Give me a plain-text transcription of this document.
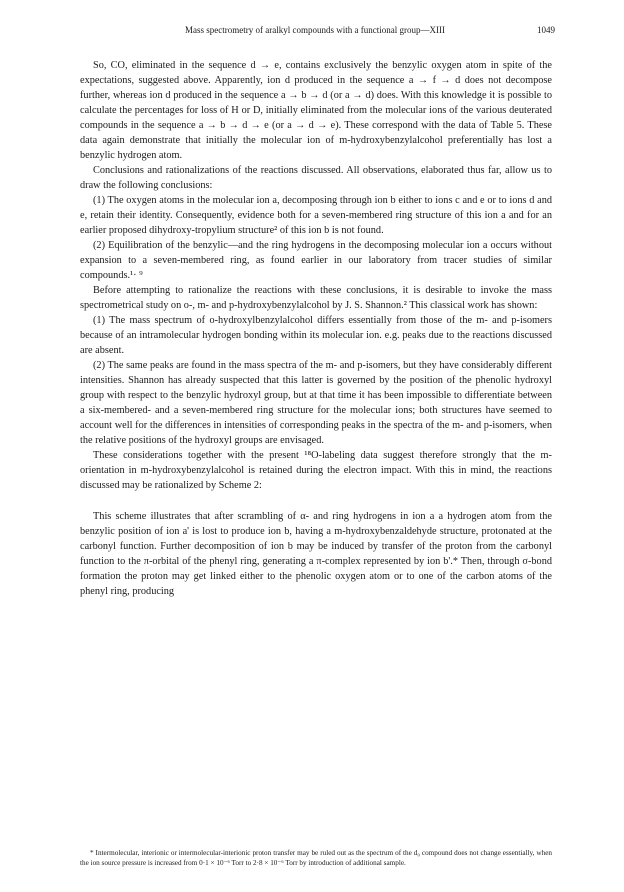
Mass spectrometry of aralkyl compounds with a functional group—XIII	1049

So, CO, eliminated in the sequence d → e, contains exclusively the benzylic oxygen atom in spite of the expectations, suggested above. Apparently, ion d produced in the sequence a → f → d does not decompose further, whereas ion d produced in the sequence a → b → d (or a → d) does. With this knowledge it is possible to calculate the percentages for loss of H or D, initially eliminated from the molecular ions of the various deuterated compounds in the sequence a → b → d → e (or a → d → e). These correspond with the data of Table 5. These data again demonstrate that initially the molecular ion of m-hydroxybenzylalcohol preferentially has lost a benzylic hydrogen atom.

Conclusions and rationalizations of the reactions discussed. All observations, elaborated thus far, allow us to draw the following conclusions:

(1) The oxygen atoms in the molecular ion a, decomposing through ion b either to ions c and e or to ions d and e, retain their identity. Consequently, evidence both for a seven-membered ring structure of this ion a and for an earlier proposed dihydroxy-tropylium structure² of this ion b is not found.

(2) Equilibration of the benzylic—and the ring hydrogens in the decomposing molecular ion a occurs without expansion to a seven-membered ring, as found earlier in our laboratory from tracer studies of similar compounds.¹· ⁹

Before attempting to rationalize the reactions with these conclusions, it is desirable to invoke the mass spectrometrical study on o-, m- and p-hydroxybenzylalcohol by J. S. Shannon.² This classical work has shown:

(1) The mass spectrum of o-hydroxylbenzylalcohol differs essentially from those of the m- and p-isomers because of an intramolecular hydrogen bonding within its molecular ion. e.g. peaks due to the reactions discussed are absent.

(2) The same peaks are found in the mass spectra of the m- and p-isomers, but they have considerably different intensities. Shannon has already suspected that this latter is governed by the position of the phenolic hydroxyl group with respect to the benzylic hydroxyl group, but at that time it has been impossible to differentiate between a six-membered- and a seven-membered ring structure for the molecular ions; both structures have seemed to account well for the differences in intensities of corresponding peaks in the spectra of the m- and p-isomers, when the relative positions of the hydroxyl groups are envisaged.

These considerations together with the present ¹⁸O-labeling data suggest therefore strongly that the m-orientation in m-hydroxybenzylalcohol is retained during the electron impact. With this in mind, the reactions discussed may be rationalized by Scheme 2:

This scheme illustrates that after scrambling of α- and ring hydrogens in ion a a hydrogen atom from the benzylic position of ion a' is lost to produce ion b, having a m-hydroxybenzaldehyde structure, protonated at the carbonyl function. Further decomposition of ion b may be induced by transfer of the proton from the carbonyl function to the π-orbital of the phenyl ring, generating a π-complex represented by ion b'.* Then, through σ-bond formation the proton may get linked either to the phenolic oxygen atom or to one of the carbon atoms of the phenyl ring, producing

* Intermolecular, interionic or intermolecular-interionic proton transfer may be ruled out as the spectrum of the d₀ compound does not change essentially, when the ion source pressure is increased from 0·1 × 10⁻⁶ Torr to 2·8 × 10⁻⁶ Torr by introduction of additional sample.
